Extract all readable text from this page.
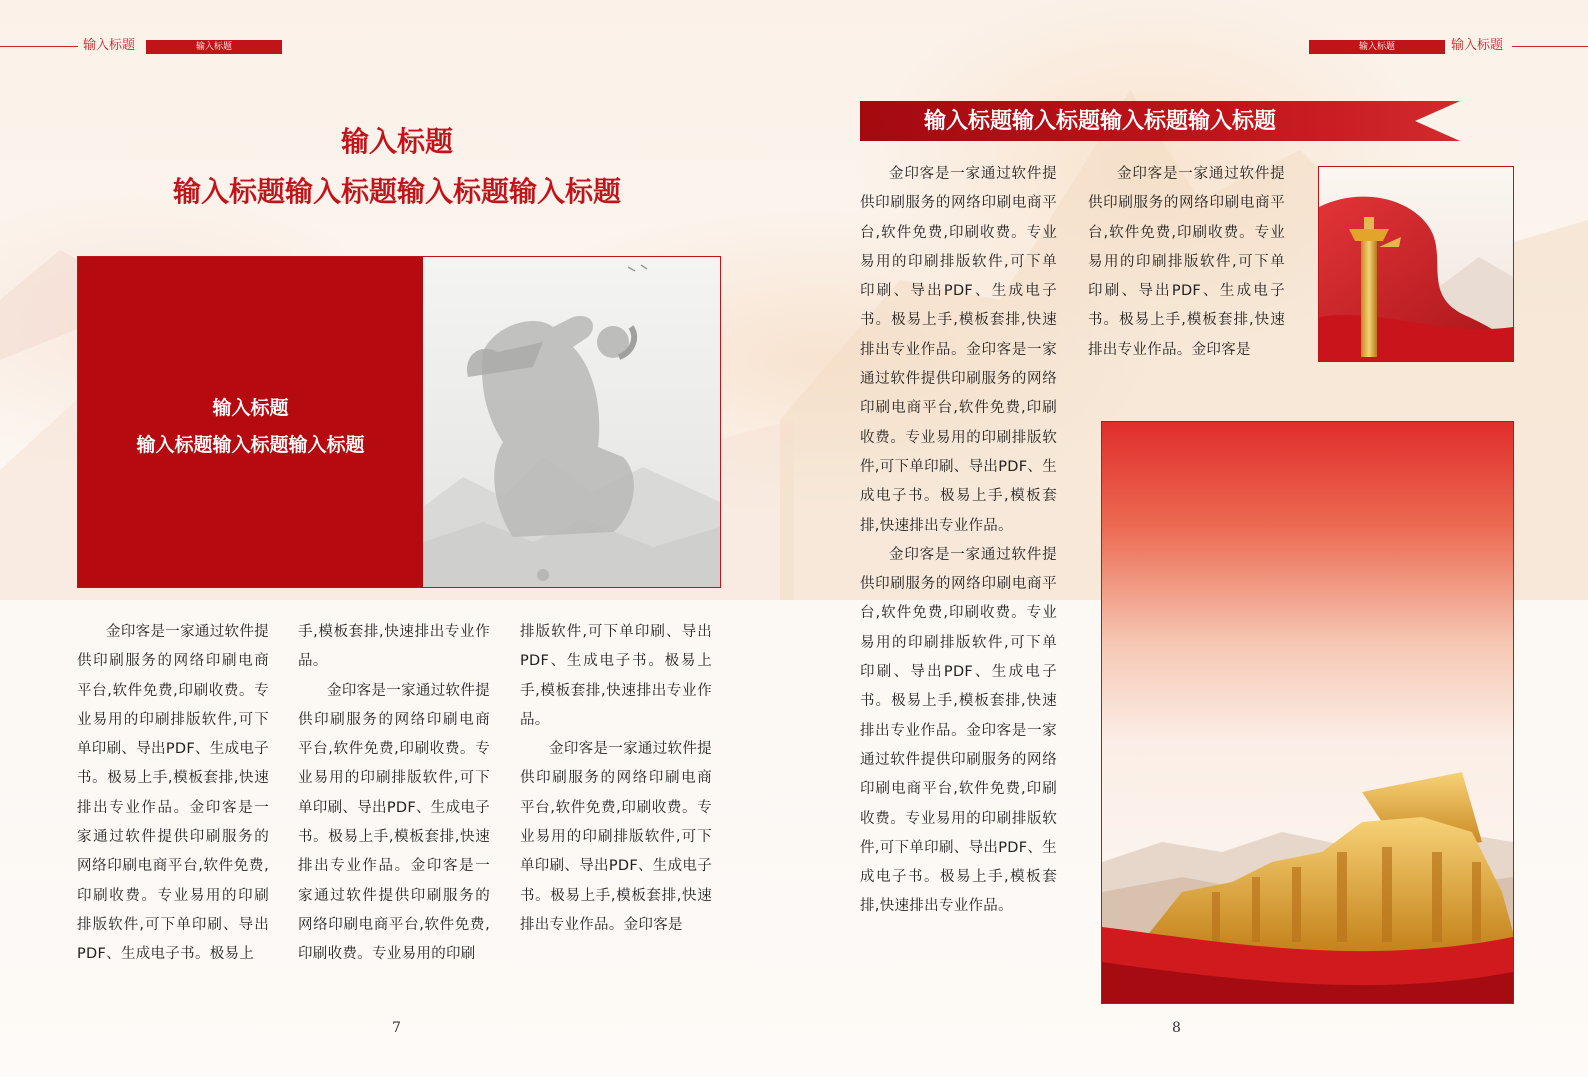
输入标题	输入标题
输入标题
输入标题输入标题输入标题输入标题
输入标题
输入标题输入标题输入标题

金印客是一家通过软件提供印刷服务的网络印刷电商平台,软件免费,印刷收费。专业易用的印刷排版软件,可下单印刷、导出PDF、生成电子书。极易上手,模板套排,快速排出专业作品。金印客是一家通过软件提供印刷服务的网络印刷电商平台,软件免费,印刷收费。专业易用的印刷排版软件,可下单印刷、导出PDF、生成电子书。极易上

手,模板套排,快速排出专业作品。

金印客是一家通过软件提供印刷服务的网络印刷电商平台,软件免费,印刷收费。专业易用的印刷排版软件,可下单印刷、导出PDF、生成电子书。极易上手,模板套排,快速排出专业作品。金印客是一家通过软件提供印刷服务的网络印刷电商平台,软件免费,印刷收费。专业易用的印刷

排版软件,可下单印刷、导出PDF、生成电子书。极易上手,模板套排,快速排出专业作品。

金印客是一家通过软件提供印刷服务的网络印刷电商平台,软件免费,印刷收费。专业易用的印刷排版软件,可下单印刷、导出PDF、生成电子书。极易上手,模板套排,快速排出专业作品。金印客是

7
输入标题	输入标题
输入标题输入标题输入标题输入标题

金印客是一家通过软件提供印刷服务的网络印刷电商平台,软件免费,印刷收费。专业易用的印刷排版软件,可下单印刷、导出PDF、生成电子书。极易上手,模板套排,快速排出专业作品。金印客是一家通过软件提供印刷服务的网络印刷电商平台,软件免费,印刷收费。专业易用的印刷排版软件,可下单印刷、导出PDF、生成电子书。极易上手,模板套排,快速排出专业作品。

金印客是一家通过软件提供印刷服务的网络印刷电商平台,软件免费,印刷收费。专业易用的印刷排版软件,可下单印刷、导出PDF、生成电子书。极易上手,模板套排,快速排出专业作品。金印客是一家通过软件提供印刷服务的网络印刷电商平台,软件免费,印刷收费。专业易用的印刷排版软件,可下单印刷、导出PDF、生成电子书。极易上手,模板套排,快速排出专业作品。

金印客是一家通过软件提供印刷服务的网络印刷电商平台,软件免费,印刷收费。专业易用的印刷排版软件,可下单印刷、导出PDF、生成电子书。极易上手,模板套排,快速排出专业作品。金印客是

8
